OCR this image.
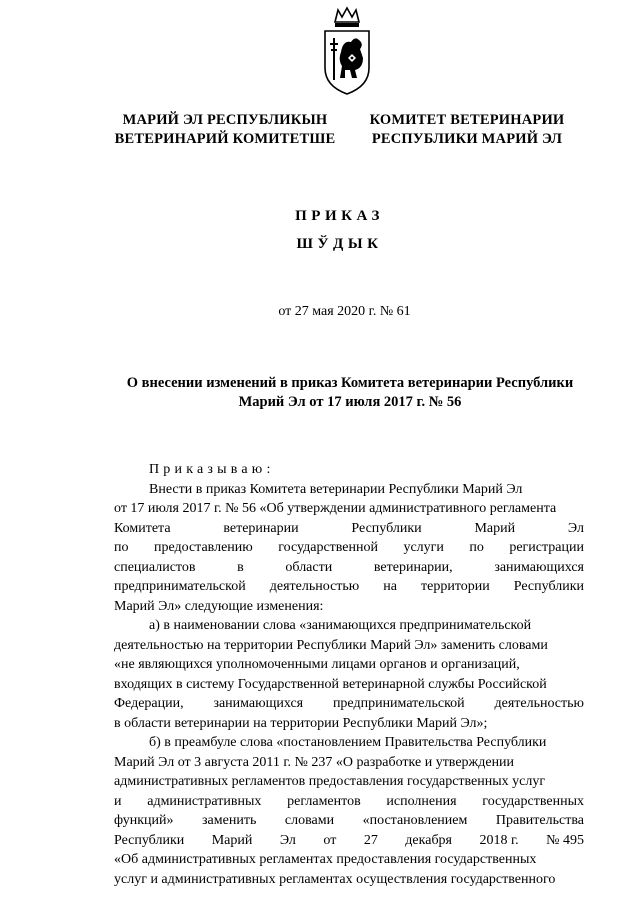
МАРИЙ ЭЛ РЕСПУБЛИКЫН
ВЕТЕРИНАРИЙ КОМИТЕТШЕ
КОМИТЕТ ВЕТЕРИНАРИИ
РЕСПУБЛИКИ МАРИЙ ЭЛ
ПРИКАЗ
ШЎДЫК
от 27 мая 2020 г. № 61
О внесении изменений в приказ Комитета ветеринарии Республики
Марий Эл от 17 июля 2017 г. № 56
Приказываю:
Внести в приказ Комитета ветеринарии Республики Марий Эл
от 17 июля 2017 г. № 56 «Об утверждении административного регламента
Комитета	ветеринарии	Республики	Марий	Эл
по предоставлению государственной услуги по регистрации
специалистов	в	области	ветеринарии,	занимающихся
предпринимательской деятельностью на территории Республики
Марий Эл» следующие изменения:
а) в наименовании слова «занимающихся предпринимательской
деятельностью на территории Республики Марий Эл» заменить словами
«не являющихся уполномоченными лицами органов и организаций,
входящих в систему Государственной ветеринарной службы Российской
Федерации, занимающихся предпринимательской деятельностью
в области ветеринарии на территории Республики Марий Эл»;
б) в преамбуле слова «постановлением Правительства Республики
Марий Эл от 3 августа 2011 г. № 237 «О разработке и утверждении
административных регламентов предоставления государственных услуг
и административных регламентов исполнения государственных
функций» заменить словами «постановлением Правительства
Республики Марий Эл от 27 декабря 2018 г. № 495
«Об административных регламентах предоставления государственных
услуг и административных регламентах осуществления государственного
